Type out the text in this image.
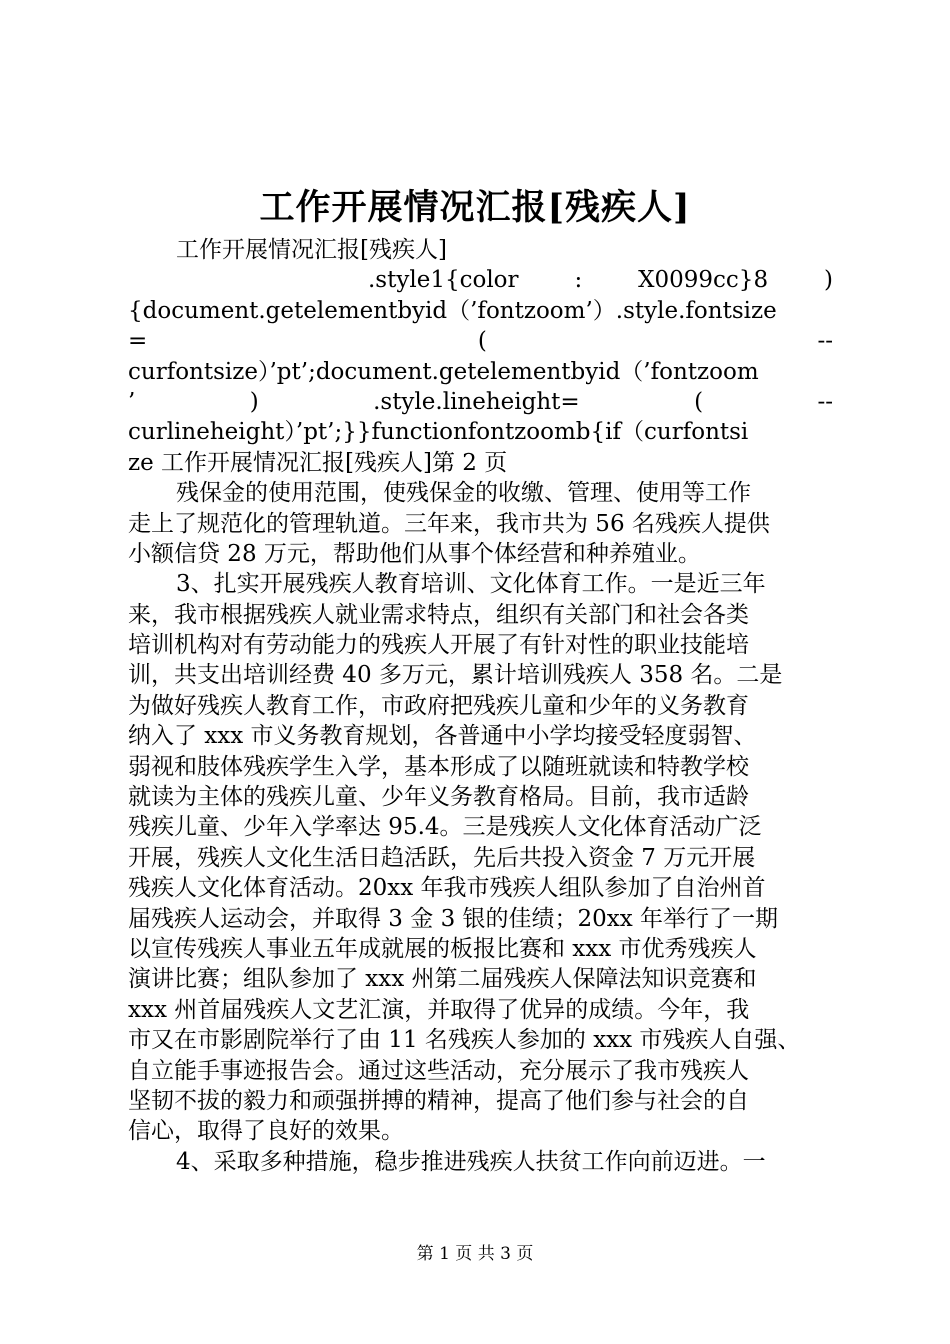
工作开展情况汇报[残疾人]
工作开展情况汇报[残疾人]
.style1{color : X0099cc}8 )
{document.getelementbyid（’fontzoom’）.style.fontsize
=	(	--
curfontsize）’pt’;document.getelementbyid（’fontzoom
’	)	.style.lineheight=	(	--
curlineheight）’pt’;}}functionfontzoomb{if（curfontsi
ze 工作开展情况汇报[残疾人]第 2 页
残保金的使用范围，使残保金的收缴、管理、使用等工作
走上了规范化的管理轨道。三年来，我市共为 56 名残疾人提供
小额信贷 28 万元，帮助他们从事个体经营和种养殖业。
3、扎实开展残疾人教育培训、文化体育工作。一是近三年
来，我市根据残疾人就业需求特点，组织有关部门和社会各类
培训机构对有劳动能力的残疾人开展了有针对性的职业技能培
训，共支出培训经费 40 多万元，累计培训残疾人 358 名。二是
为做好残疾人教育工作，市政府把残疾儿童和少年的义务教育
纳入了 xxx 市义务教育规划，各普通中小学均接受轻度弱智、
弱视和肢体残疾学生入学，基本形成了以随班就读和特教学校
就读为主体的残疾儿童、少年义务教育格局。目前，我市适龄
残疾儿童、少年入学率达 95.4。三是残疾人文化体育活动广泛
开展，残疾人文化生活日趋活跃，先后共投入资金 7 万元开展
残疾人文化体育活动。20xx 年我市残疾人组队参加了自治州首
届残疾人运动会，并取得 3 金 3 银的佳绩；20xx 年举行了一期
以宣传残疾人事业五年成就展的板报比赛和 xxx 市优秀残疾人
演讲比赛；组队参加了 xxx 州第二届残疾人保障法知识竞赛和
xxx 州首届残疾人文艺汇演，并取得了优异的成绩。今年，我
市又在市影剧院举行了由 11 名残疾人参加的 xxx 市残疾人自强、
自立能手事迹报告会。通过这些活动，充分展示了我市残疾人
坚韧不拔的毅力和顽强拼搏的精神，提高了他们参与社会的自
信心，取得了良好的效果。
4、采取多种措施，稳步推进残疾人扶贫工作向前迈进。一
第 1 页 共 3 页
